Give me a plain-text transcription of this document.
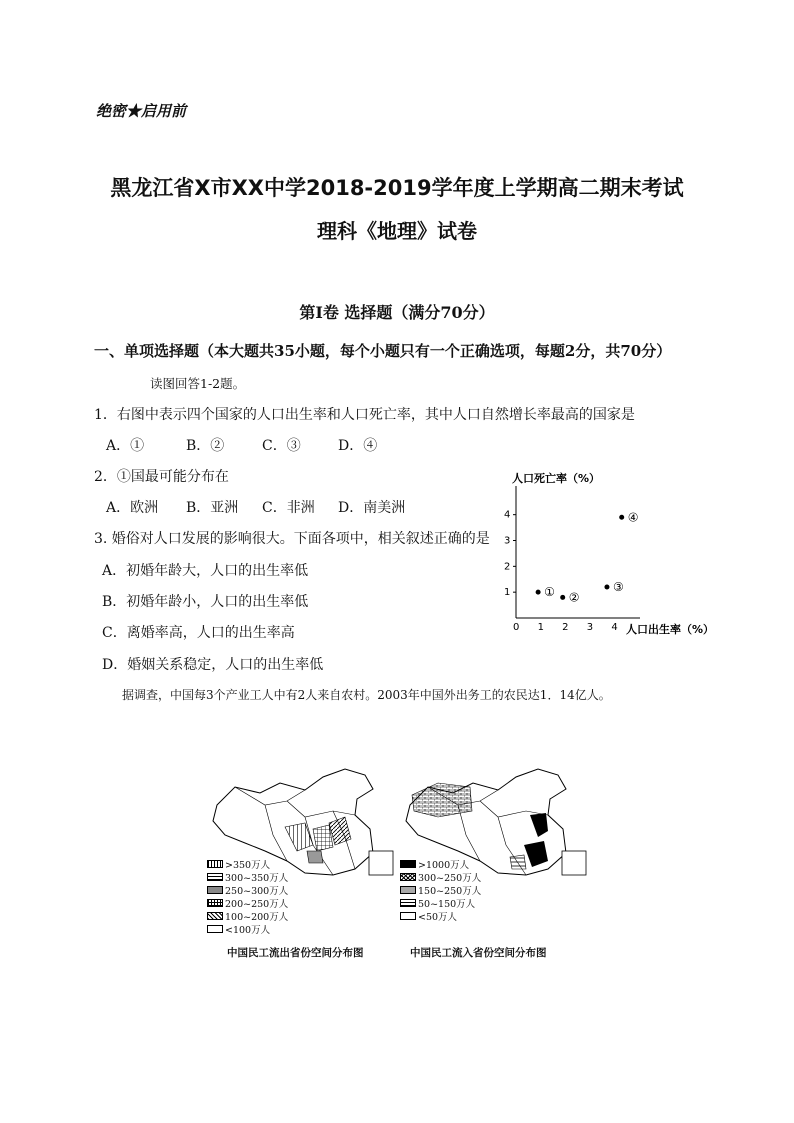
绝密★启用前
黑龙江省X市XX中学2018-2019学年度上学期高二期末考试
理科《地理》试卷
第Ⅰ卷 选择题（满分70分）
一、单项选择题（本大题共35小题，每个小题只有一个正确选项，每题2分，共70分）
读图回答1-2题。
1．右图中表示四个国家的人口出生率和人口死亡率，其中人口自然增长率最高的国家是
A．①	B．②	C．③	D．④
2．①国最可能分布在
A．欧洲 B．亚洲 C．非洲 D．南美洲
3. 婚俗对人口发展的影响很大。下面各项中，相关叙述正确的是
A．初婚年龄大，人口的出生率低
B．初婚年龄小，人口的出生率低
C．离婚率高，人口的出生率高
D．婚姻关系稳定，人口的出生率低
人口死亡率（%）
人口出生率（%）
0 1 2 3 4
1
2
3
4
① ②
③
④
据调查，中国每3个产业工人中有2人来自农村。2003年中国外出务工的农民达1．14亿人。
>350万人
300~350万人
250~300万人
200~250万人
100~200万人
<100万人
中国民工流出省份空间分布图
>1000万人
300~250万人
150~250万人
50~150万人
<50万人
中国民工流入省份空间分布图
